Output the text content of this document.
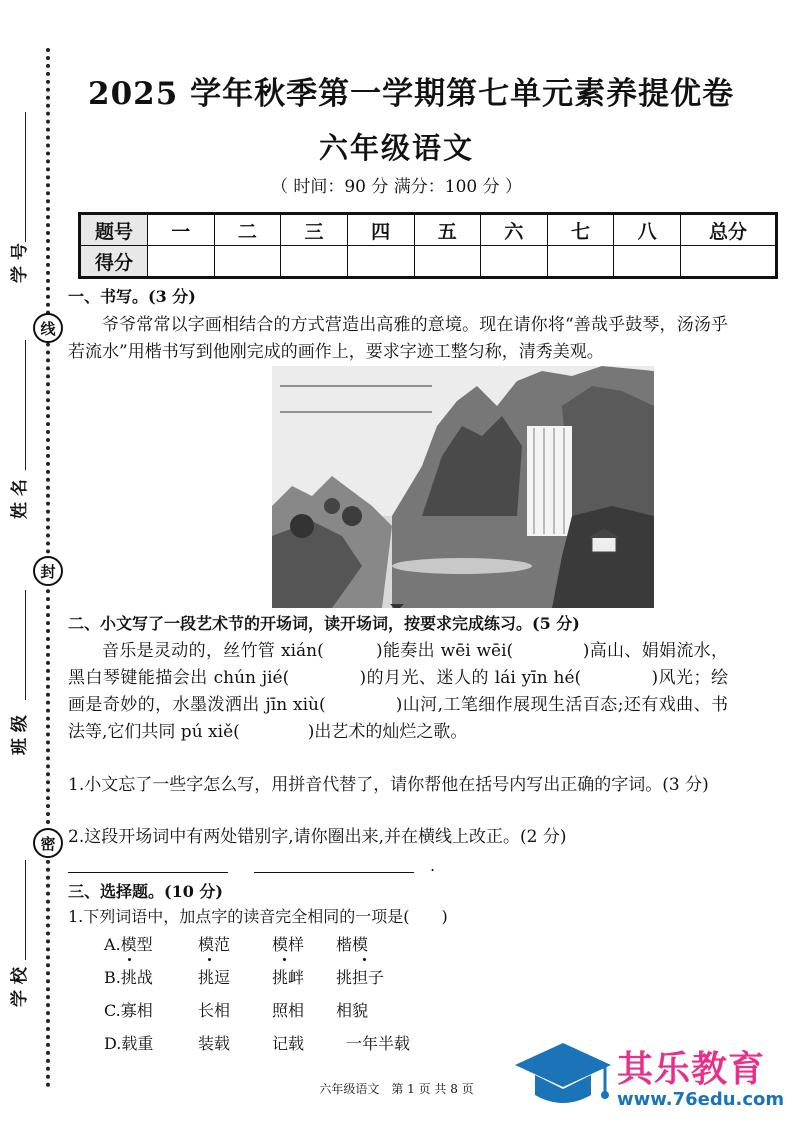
学 号
线
姓 名
封
班 级
密
学 校
2025 学年秋季第一学期第七单元素养提优卷
六年级语文
（ 时间：90 分 满分：100 分 ）
题号	一	二	三	四	五	六	七	八	总分
得分									
一、书写。(3 分)
爷爷常常以字画相结合的方式营造出高雅的意境。现在请你将“善哉乎鼓琴，汤汤乎若流水”用楷书写到他刚完成的画作上，要求字迹工整匀称，清秀美观。
二、小文写了一段艺术节的开场词，读开场词，按要求完成练习。(5 分)
音乐是灵动的，丝竹管 xián(　　　)能奏出 wēi wēi(　　　　)高山、娟娟流水，黑白琴键能描会出 chún jié(　　　　)的月光、迷人的 lái yīn hé(　　　　)风光；绘画是奇妙的，水墨泼洒出 jīn xiù(　　　　)山河,工笔细作展现生活百态;还有戏曲、书法等,它们共同 pú xiě(　　　　)出艺术的灿烂之歌。
1.小文忘了一些字怎么写，用拼音代替了，请你帮他在括号内写出正确的字词。(3 分)
2.这段开场词中有两处错别字,请你圈出来,并在横线上改正。(2 分)
.
三、选择题。(10 分)
1.下列词语中，加点字的读音完全相同的一项是(　　)
A.模型	模范	模样 楷模
B.挑战	挑逗	挑衅 挑担子
C.寡相	长相	照相 相貌
D.载重	装载	记载	一年半载
六年级语文　第 1 页 共 8 页	其乐教育
www.76edu.com
